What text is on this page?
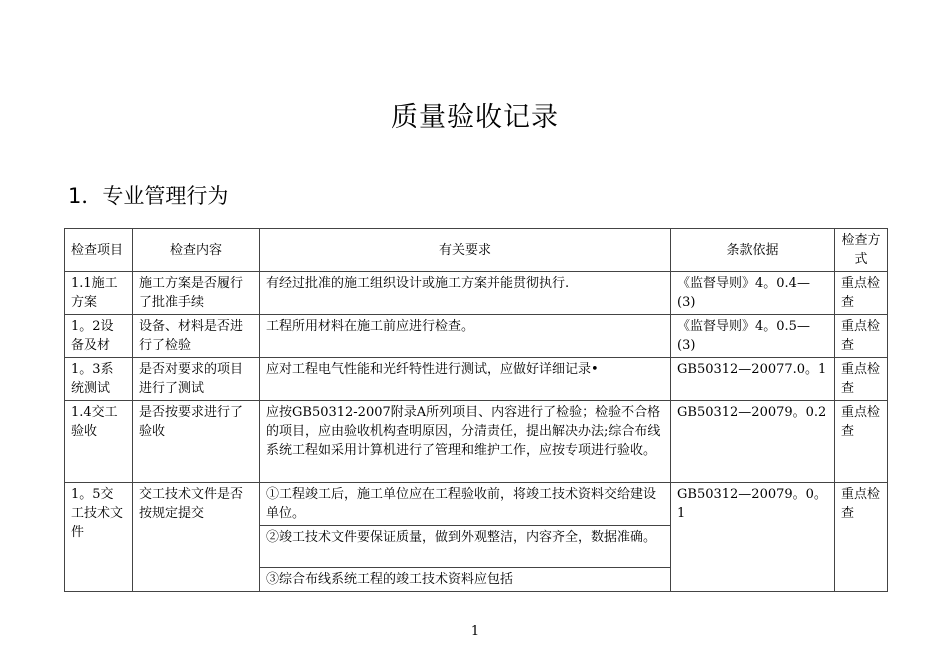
质量验收记录
1．专业管理行为
检查项目	检查内容	有关要求	条款依据	检查方式
1.1施工方案	施工方案是否履行了批准手续	有经过批准的施工组织设计或施工方案并能贯彻执行.	《监督导则》4。0.4—(3)	重点检查
1。2设备及材	设备、材料是否进行了检验	工程所用材料在施工前应进行检查。	《监督导则》4。0.5—(3)	重点检查
1。3系统测试	是否对要求的项目进行了测试	应对工程电气性能和光纤特性进行测试，应做好详细记录•	GB50312—20077.0。1	重点检查
1.4交工验收	是否按要求进行了验收	应按GB50312-2007附录A所列项目、内容进行了检验；检验不合格的项目，应由验收机构查明原因，分清责任，提出解决办法;综合布线系统工程如采用计算机进行了管理和维护工作，应按专项进行验收。	GB50312—20079。0.2	重点检查
1。5交工技术文件	交工技术文件是否按规定提交	①工程竣工后，施工单位应在工程验收前，将竣工技术资料交给建设单位。	GB50312—20079。0。1	重点检查
		②竣工技术文件要保证质量，做到外观整洁，内容齐全，数据准确。		
		③综合布线系统工程的竣工技术资料应包括		
1
